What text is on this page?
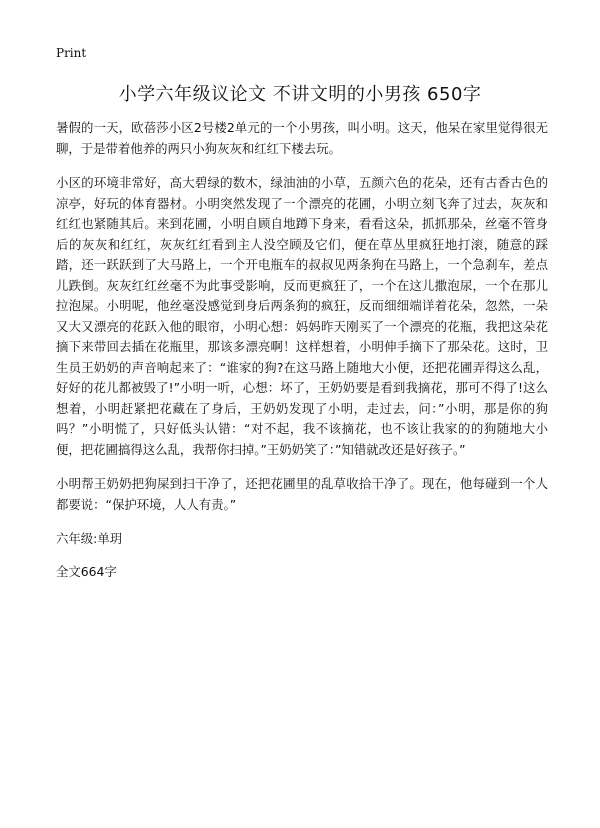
Print
小学六年级议论文 不讲文明的小男孩 650字

暑假的一天，欧蓓莎小区2号楼2单元的一个小男孩，叫小明。这天，他呆在家里觉得很无聊，于是带着他养的两只小狗灰灰和红红下楼去玩。

小区的环境非常好，高大碧绿的数木，绿油油的小草，五颜六色的花朵，还有古香古色的凉亭，好玩的体育器材。小明突然发现了一个漂亮的花圃，小明立刻飞奔了过去，灰灰和红红也紧随其后。来到花圃，小明自顾自地蹲下身来，看看这朵，抓抓那朵，丝毫不管身后的灰灰和红红，灰灰红红看到主人没空顾及它们，便在草丛里疯狂地打滚，随意的踩踏，还一跃跃到了大马路上，一个开电瓶车的叔叔见两条狗在马路上，一个急刹车，差点儿跌倒。灰灰红红丝毫不为此事受影响，反而更疯狂了，一个在这儿撒泡尿，一个在那儿拉泡屎。小明呢，他丝毫没感觉到身后两条狗的疯狂，反而细细端详着花朵，忽然，一朵又大又漂亮的花跃入他的眼帘，小明心想：妈妈昨天刚买了一个漂亮的花瓶，我把这朵花摘下来带回去插在花瓶里，那该多漂亮啊！这样想着，小明伸手摘下了那朵花。这时，卫生员王奶奶的声音响起来了：“谁家的狗?在这马路上随地大小便，还把花圃弄得这么乱，好好的花儿都被毁了!”小明一听，心想：坏了，王奶奶要是看到我摘花，那可不得了!这么想着，小明赶紧把花藏在了身后，王奶奶发现了小明，走过去，问：”小明，那是你的狗吗？”小明慌了，只好低头认错：“对不起，我不该摘花，也不该让我家的的狗随地大小便，把花圃搞得这么乱，我帮你扫掉。”王奶奶笑了：”知错就改还是好孩子。”

小明帮王奶奶把狗屎到扫干净了，还把花圃里的乱草收拾干净了。现在，他每碰到一个人都要说：“保护环境，人人有责。”

六年级:单玥

全文664字
